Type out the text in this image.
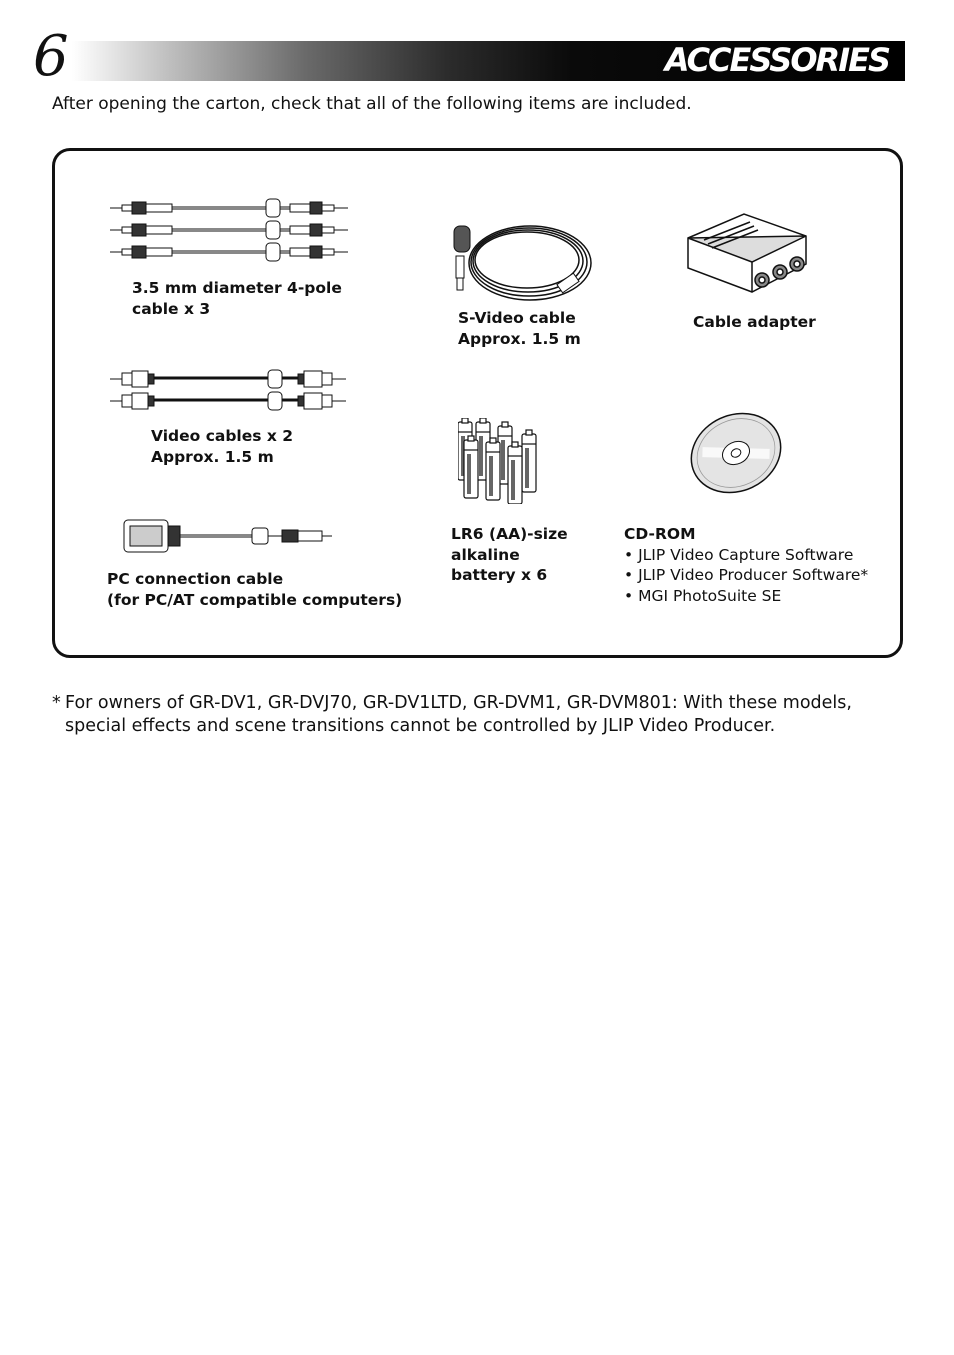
6	ACCESSORIES
After opening the carton, check that all of the following items are included.
3.5 mm diameter 4-pole
cable x 3
S-Video cable
Approx. 1.5 m
Cable adapter
Video cables x 2
Approx. 1.5 m
LR6 (AA)-size
alkaline
battery x 6
CD-ROM
• JLIP Video Capture Software
• JLIP Video Producer Software*
• MGI PhotoSuite SE
PC connection cable
(for PC/AT compatible computers)
* For owners of GR-DV1, GR-DVJ70, GR-DV1LTD, GR-DVM1, GR-DVM801: With these models, special effects and scene transitions cannot be controlled by JLIP Video Producer.
